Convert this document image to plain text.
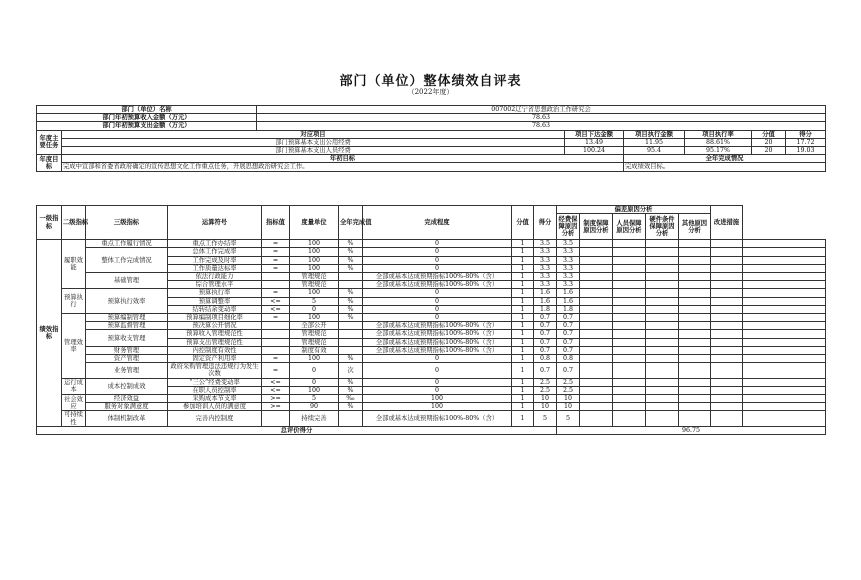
部门（单位）整体绩效自评表
（2022年度）
部门（单位）名称		007002辽宁省思想政治工作研究会					
部门年初预算收入金额（万元）		78.63					
部门年初预算支出金额（万元）		78.63					
年度主要任务	对应项目		项目下达金额	项目执行金额	项目执行率	分值	得分
	部门预算基本支出公用经费		13.49	11.95	88.61%	20	17.72
	部门预算基本支出人员经费		100.24	95.4	95.17%	20	19.03
年度目标	年初目标			全年完成情况			
	完成中宣部和省委省政府确定的宣传思想文化工作重点任务，开展思想政治研究会工作。			完成绩效目标。			
一级指标	二级指标	三级指标	运算符号	指标值	度量单位	全年完成值	完成程度	分值	得分	偏差原因分析					改进措施	
										经费保障原因分析	制度保障原因分析	人员保障原因分析	硬件条件保障原因分析	其他原因分析		
绩效指标	履职效能	重点工作履行情况	重点工作办结率	=	100	%	0	1	3.5	3.5						
		整体工作完成情况	总体工作完成率	=	100	%	0	1	3.3	3.3						
			工作完成及时率	=	100	%	0	1	3.3	3.3						
			工作质量达标率	=	100	%	0	1	3.3	3.3						
		基础管理	依法行政能力		管理规范		全部或基本达成预期指标100%-80%（含）	1	3.3	3.3						
			综合管理水平		管理规范		全部或基本达成预期指标100%-80%（含）	1	3.3	3.3						
	预算执行	预算执行效率	预算执行率	=	100	%	0	1	1.6	1.6						
			预算调整率	<=	5	%	0	1	1.6	1.6						
			结转结余变动率	<=	0	%	0	1	1.8	1.8						
	管理效率	预算编制管理	预算编制项目细化率	=	100	%	0	1	0.7	0.7						
		预算监督管理	预决算公开情况		全部公开		全部或基本达成预期指标100%-80%（含）	1	0.7	0.7						
		预算收支管理	预算收入管理规范性		管理规范		全部或基本达成预期指标100%-80%（含）	1	0.7	0.7						
			预算支出管理规范性		管理规范		全部或基本达成预期指标100%-80%（含）	1	0.7	0.7						
		财务管理	内控制度有效性		制度有效		全部或基本达成预期指标100%-80%（含）	1	0.7	0.7						
		资产管理	固定资产利用率	=	100	%	0	1	0.8	0.8						
		业务管理	政府采购管理违法违规行为发生次数	=	0	次	0	1	0.7	0.7						
	运行成本	成本控制成效	“三公”经费变动率	<=	0	%	0	1	2.5	2.5						
			在职人员控制率	<=	100	%	0	1	2.5	2.5						
	社会效应	经济效益	采购成本节支率	>=	5	‰	100	1	10	10						
		服务对象满意度	参加培训人员的满意度	>=	90	%	100	1	10	10						
	可持续性	体制机制改革	完善内控制度		持续完善		全部或基本达成预期指标100%-80%（含）	1	5	5						
总评价得分										96.75						
